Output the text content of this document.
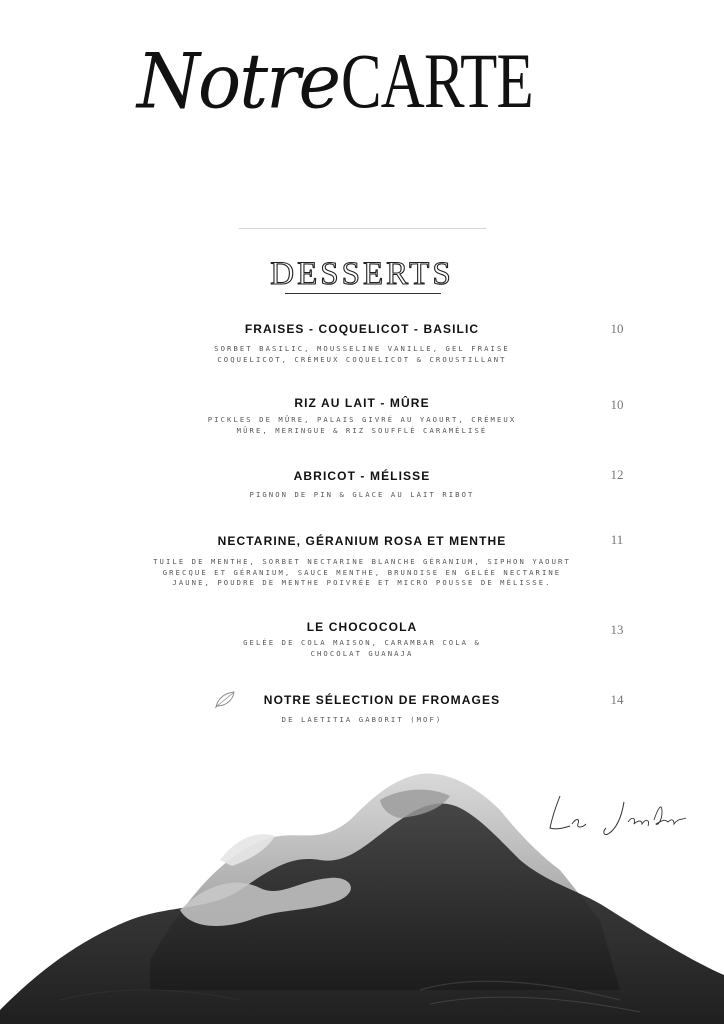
NotreCARTE
DESSERTS
FRAISES - COQUELICOT - BASILIC	10
SORBET BASILIC, MOUSSELINE VANILLE, GEL FRAISE
COQUELICOT, CRÉMEUX COQUELICOT & CROUSTILLANT
RIZ AU LAIT - MÛRE	10
PICKLES DE MÛRE, PALAIS GIVRÉ AU YAOURT, CRÉMEUX
MÛRE, MERINGUE & RIZ SOUFFLÉ CARAMÉLISÉ
ABRICOT - MÉLISSE	12
PIGNON DE PIN & GLACE AU LAIT RIBOT
NECTARINE, GÉRANIUM ROSA ET MENTHE	11
TUILE DE MENTHE, SORBET NECTARINE BLANCHE GÉRANIUM, SIPHON YAOURT
GRECQUE ET GÉRANIUM, SAUCE MENTHE, BRUNOISE EN GELÉE NECTARINE
JAUNE, POUDRE DE MENTHE POIVRÉE ET MICRO POUSSE DE MÉLISSE.
LE CHOCOCOLA	13
GELÉE DE COLA MAISON, CARAMBAR COLA &
CHOCOLAT GUANAJA
NOTRE SÉLECTION DE FROMAGES	14
DE LAETITIA GABORIT (MOF)
